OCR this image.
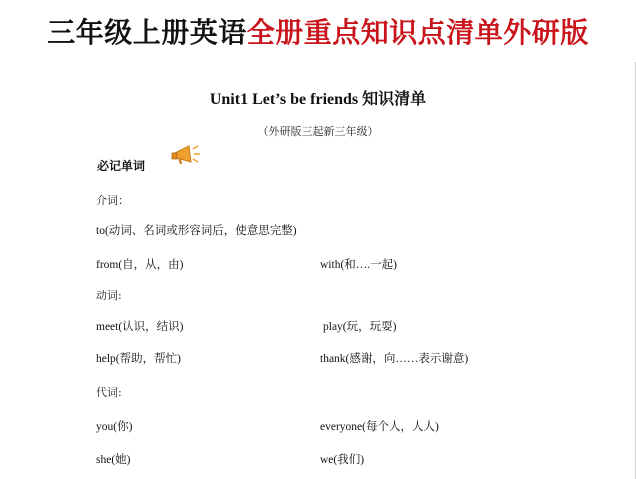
三年级上册英语 全册重点知识点清单外研版
Unit1 Let’s be friends 知识清单
（外研版三起新三年级）
必记单词
介词：
to(动词、名词或形容词后，使意思完整)
from(自，从，由)	with(和….一起)
动词:
meet(认识，结识)	play(玩，玩耍)
help(帮助，帮忙)	thank(感谢，向……表示谢意)
代词:
you(你)	everyone(每个人，人人)
she(她)	we(我们)
